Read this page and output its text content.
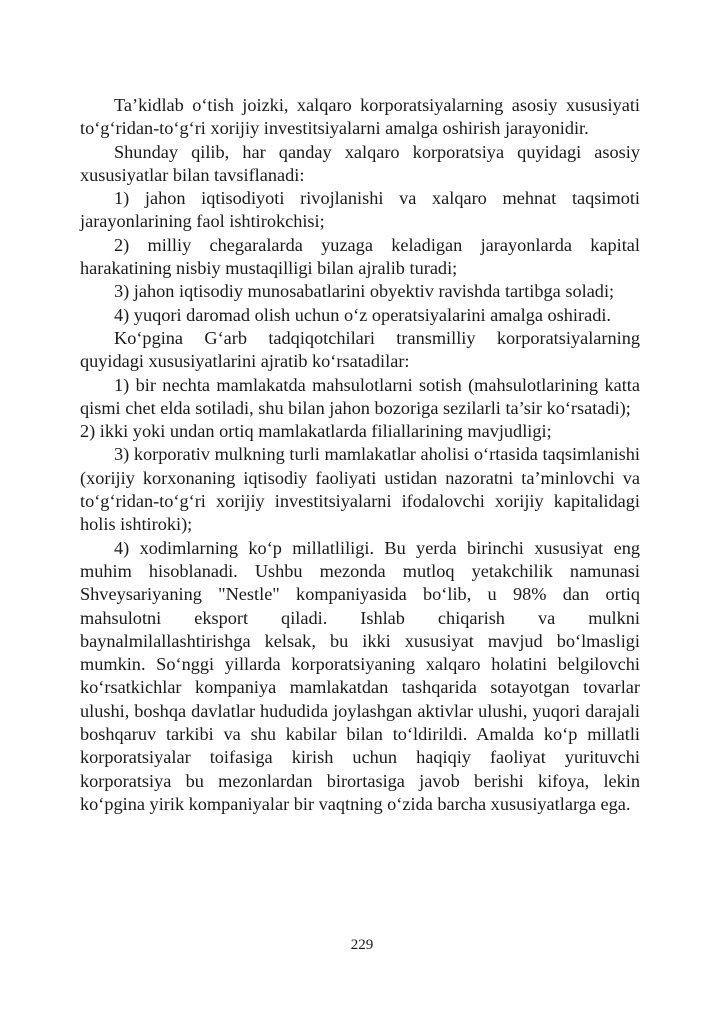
Ta’kidlab o‘tish joizki, xalqaro korporatsiyalarning asosiy xususiyati to‘g‘ridan-to‘g‘ri xorijiy investitsiyalarni amalga oshirish jarayonidir.

Shunday qilib, har qanday xalqaro korporatsiya quyidagi asosiy xususiyatlar bilan tavsiflanadi:

1) jahon iqtisodiyoti rivojlanishi va xalqaro mehnat taqsimoti jarayonlarining faol ishtirokchisi;

2) milliy chegaralarda yuzaga keladigan jarayonlarda kapital harakatining nisbiy mustaqilligi bilan ajralib turadi;

3) jahon iqtisodiy munosabatlarini obyektiv ravishda tartibga soladi;

4) yuqori daromad olish uchun o‘z operatsiyalarini amalga oshiradi.

Ko‘pgina G‘arb tadqiqotchilari transmilliy korporatsiyalarning quyidagi xususiyatlarini ajratib ko‘rsatadilar:

1) bir nechta mamlakatda mahsulotlarni sotish (mahsulotlarining katta qismi chet elda sotiladi, shu bilan jahon bozoriga sezilarli ta’sir ko‘rsatadi);

2) ikki yoki undan ortiq mamlakatlarda filiallarining mavjudligi;

3) korporativ mulkning turli mamlakatlar aholisi o‘rtasida taqsimlanishi (xorijiy korxonaning iqtisodiy faoliyati ustidan nazoratni ta’minlovchi va to‘g‘ridan-to‘g‘ri xorijiy investitsiyalarni ifodalovchi xorijiy kapitalidagi holis ishtiroki);

4) xodimlarning ko‘p millatliligi. Bu yerda birinchi xususiyat eng muhim hisoblanadi. Ushbu mezonda mutloq yetakchilik namunasi Shveysariyaning "Nestle" kompaniyasida bo‘lib, u 98% dan ortiq mahsulotni eksport qiladi. Ishlab chiqarish va mulkni baynalmilallashtirishga kelsak, bu ikki xususiyat mavjud bo‘lmasligi mumkin. So‘nggi yillarda korporatsiyaning xalqaro holatini belgilovchi ko‘rsatkichlar kompaniya mamlakatdan tashqarida sotayotgan tovarlar ulushi, boshqa davlatlar hududida joylashgan aktivlar ulushi, yuqori darajali boshqaruv tarkibi va shu kabilar bilan to‘ldirildi. Amalda ko‘p millatli korporatsiyalar toifasiga kirish uchun haqiqiy faoliyat yurituvchi korporatsiya bu mezonlardan birortasiga javob berishi kifoya, lekin ko‘pgina yirik kompaniyalar bir vaqtning o‘zida barcha xususiyatlarga ega.

229
